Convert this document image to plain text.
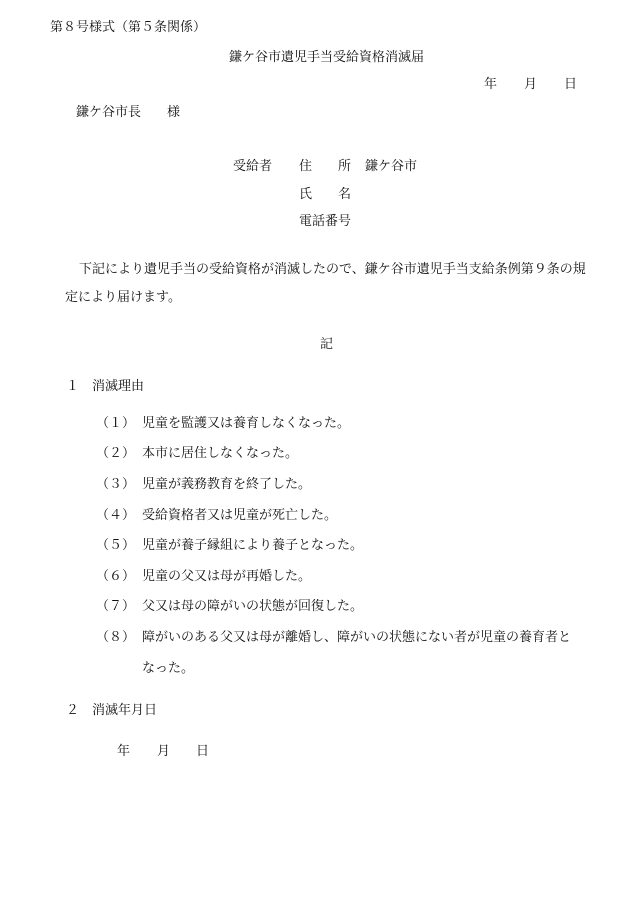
第８号様式（第５条関係）
鎌ケ谷市遺児手当受給資格消滅届
年 月 日
鎌ケ谷市長　　様
受給者 住　　所 鎌ケ谷市
氏　　名
電話番号
下記により遺児手当の受給資格が消滅したので、鎌ケ谷市遺児手当支給条例第９条の規
定により届けます。
記
１　消滅理由
（１） 児童を監護又は養育しなくなった。
（２） 本市に居住しなくなった。
（３） 児童が義務教育を終了した。
（４） 受給資格者又は児童が死亡した。
（５） 児童が養子縁組により養子となった。
（６） 児童の父又は母が再婚した。
（７） 父又は母の障がいの状態が回復した。
（８） 障がいのある父又は母が離婚し、障がいの状態にない者が児童の養育者と
なった。
２　消滅年月日
年 月 日
